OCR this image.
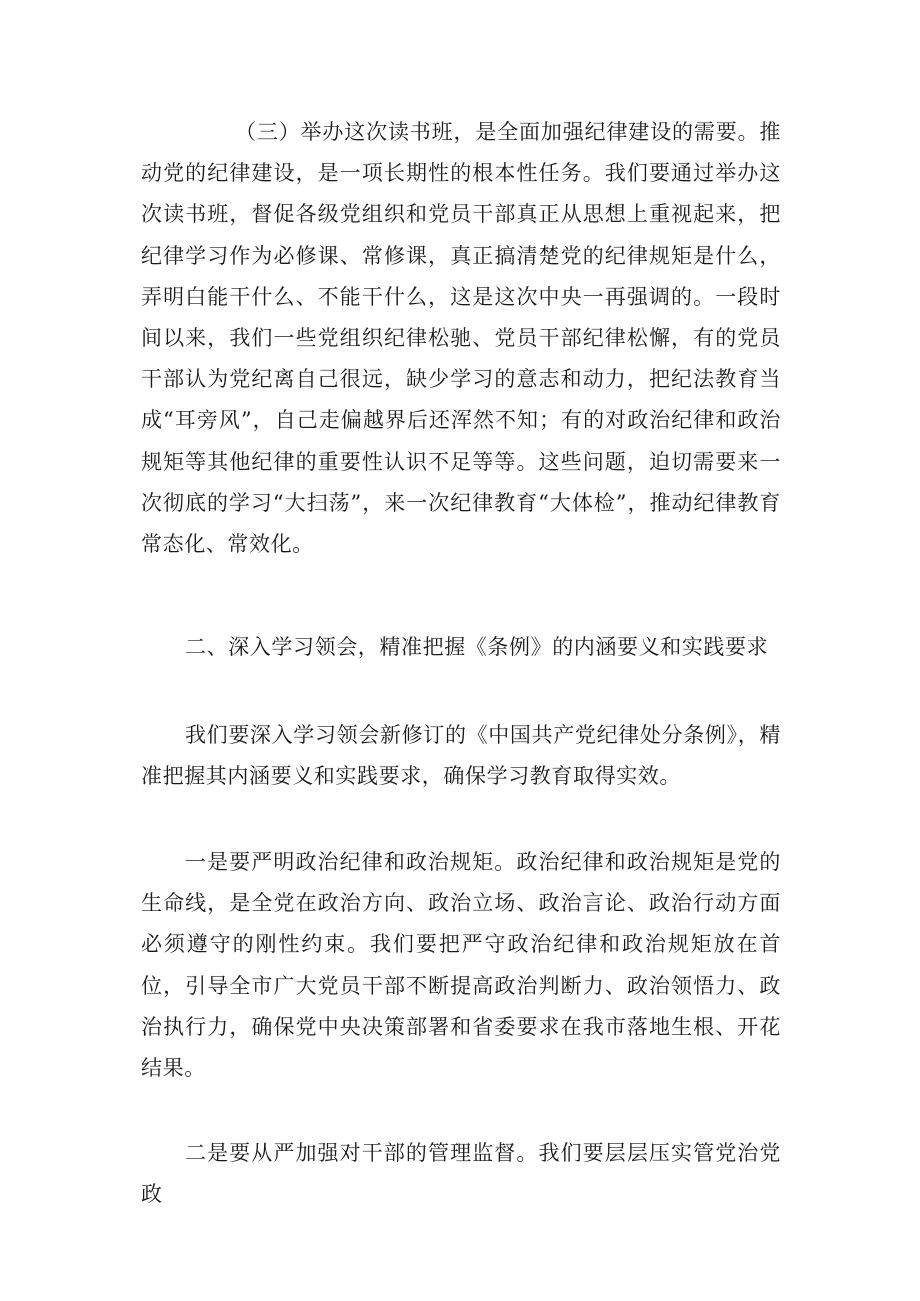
（三）举办这次读书班，是全面加强纪律建设的需要。推动党的纪律建设，是一项长期性的根本性任务。我们要通过举办这次读书班，督促各级党组织和党员干部真正从思想上重视起来，把纪律学习作为必修课、常修课，真正搞清楚党的纪律规矩是什么，弄明白能干什么、不能干什么，这是这次中央一再强调的。一段时间以来，我们一些党组织纪律松驰、党员干部纪律松懈，有的党员干部认为党纪离自己很远，缺少学习的意志和动力，把纪法教育当成“耳旁风”，自己走偏越界后还浑然不知；有的对政治纪律和政治规矩等其他纪律的重要性认识不足等等。这些问题，迫切需要来一次彻底的学习“大扫荡”，来一次纪律教育“大体检”，推动纪律教育常态化、常效化。

二、深入学习领会，精准把握《条例》的内涵要义和实践要求

我们要深入学习领会新修订的《中国共产党纪律处分条例》，精准把握其内涵要义和实践要求，确保学习教育取得实效。

一是要严明政治纪律和政治规矩。政治纪律和政治规矩是党的生命线，是全党在政治方向、政治立场、政治言论、政治行动方面必须遵守的刚性约束。我们要把严守政治纪律和政治规矩放在首位，引导全市广大党员干部不断提高政治判断力、政治领悟力、政治执行力，确保党中央决策部署和省委要求在我市落地生根、开花结果。

二是要从严加强对干部的管理监督。我们要层层压实管党治党政
